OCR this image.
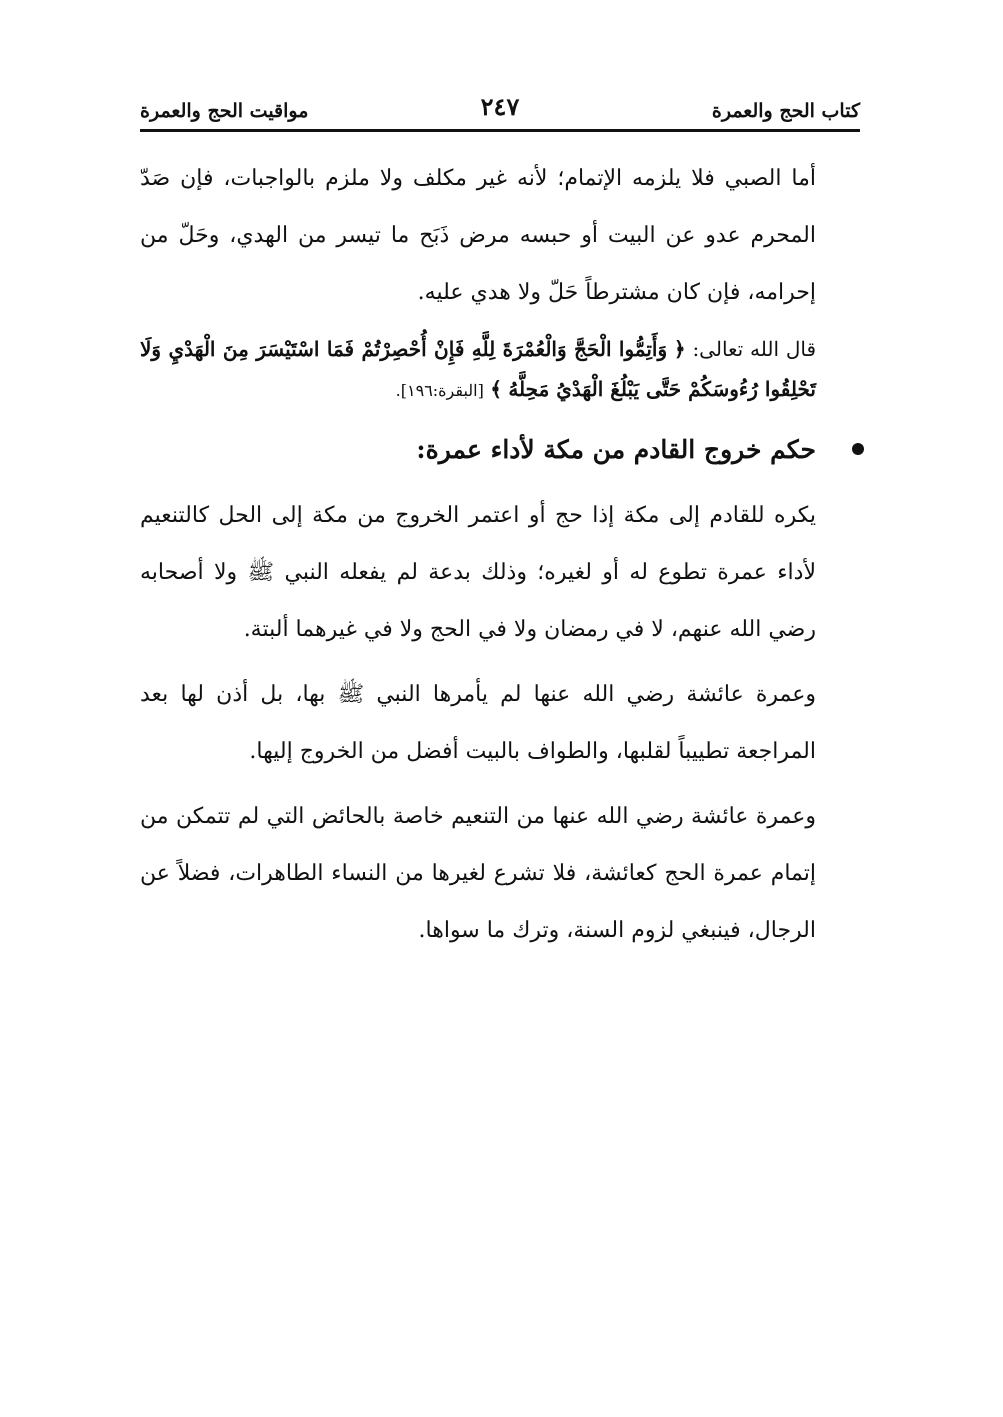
كتاب الحج والعمرة
٢٤٧
مواقيت الحج والعمرة

أما الصبي فلا يلزمه الإتمام؛ لأنه غير مكلف ولا ملزم بالواجبات، فإن صَدّ المحرم عدو عن البيت أو حبسه مرض ذَبَح ما تيسر من الهدي، وحَلّ من إحرامه، فإن كان مشترطاً حَلّ ولا هدي عليه.

قال الله تعالى: ﴿ وَأَتِمُّوا الْحَجَّ وَالْعُمْرَةَ لِلَّهِ فَإِنْ أُحْصِرْتُمْ فَمَا اسْتَيْسَرَ مِنَ الْهَدْيِ وَلَا تَحْلِقُوا رُءُوسَكُمْ حَتَّى يَبْلُغَ الْهَدْيُ مَحِلَّهُ ﴾ [البقرة:١٩٦].

حكم خروج القادم من مكة لأداء عمرة:

يكره للقادم إلى مكة إذا حج أو اعتمر الخروج من مكة إلى الحل كالتنعيم لأداء عمرة تطوع له أو لغيره؛ وذلك بدعة لم يفعله النبي ﷺ ولا أصحابه رضي الله عنهم، لا في رمضان ولا في الحج ولا في غيرهما ألبتة.

وعمرة عائشة رضي الله عنها لم يأمرها النبي ﷺ بها، بل أذن لها بعد المراجعة تطييباً لقلبها، والطواف بالبيت أفضل من الخروج إليها.

وعمرة عائشة رضي الله عنها من التنعيم خاصة بالحائض التي لم تتمكن من إتمام عمرة الحج كعائشة، فلا تشرع لغيرها من النساء الطاهرات، فضلاً عن الرجال، فينبغي لزوم السنة، وترك ما سواها.
